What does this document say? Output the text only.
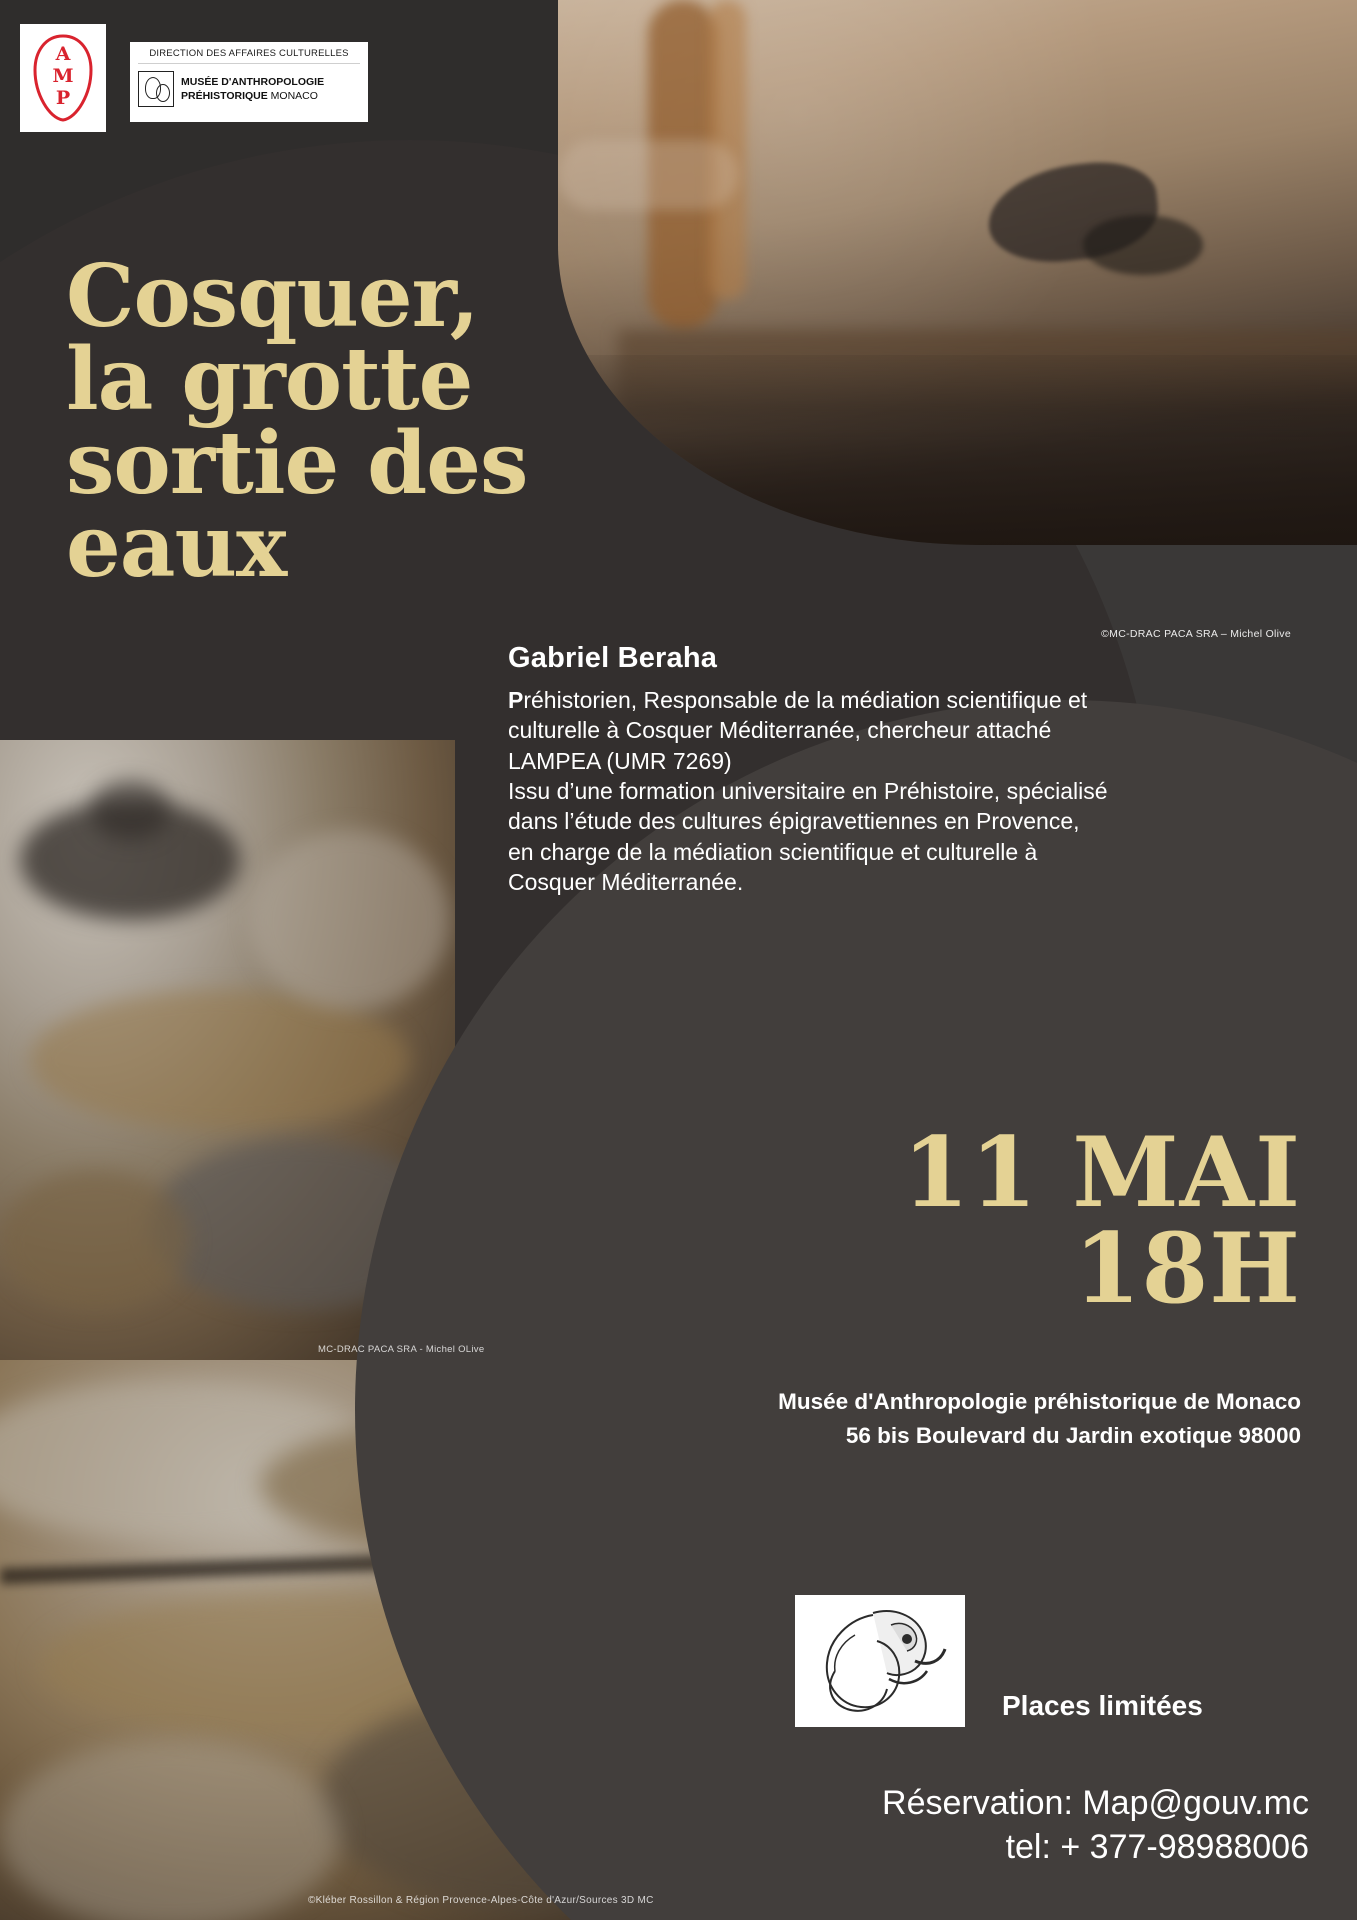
©MC-DRAC PACA SRA – Michel Olive
MC-DRAC PACA SRA - Michel OLive
©Kléber Rossillon & Région Provence-Alpes-Côte d'Azur/Sources 3D MC
A
M
P
DIRECTION DES AFFAIRES CULTURELLES
MUSÉE D'ANTHROPOLOGIE
PRÉHISTORIQUE MONACO
Cosquer,
la grotte
sortie des
eaux
Gabriel Beraha

Préhistorien, Responsable de la médiation scientifique et culturelle à Cosquer Méditerranée, chercheur attaché LAMPEA (UMR 7269)

Issu d’une formation universitaire en Préhistoire, spécialisé dans l’étude des cultures épigravettiennes en Provence, en charge de la médiation scientifique et culturelle à Cosquer Méditerranée.

11 MAI
18H
Musée d'Anthropologie préhistorique de Monaco
56 bis Boulevard du Jardin exotique 98000
Places limitées
Réservation: Map@gouv.mc
tel: + 377-98988006
